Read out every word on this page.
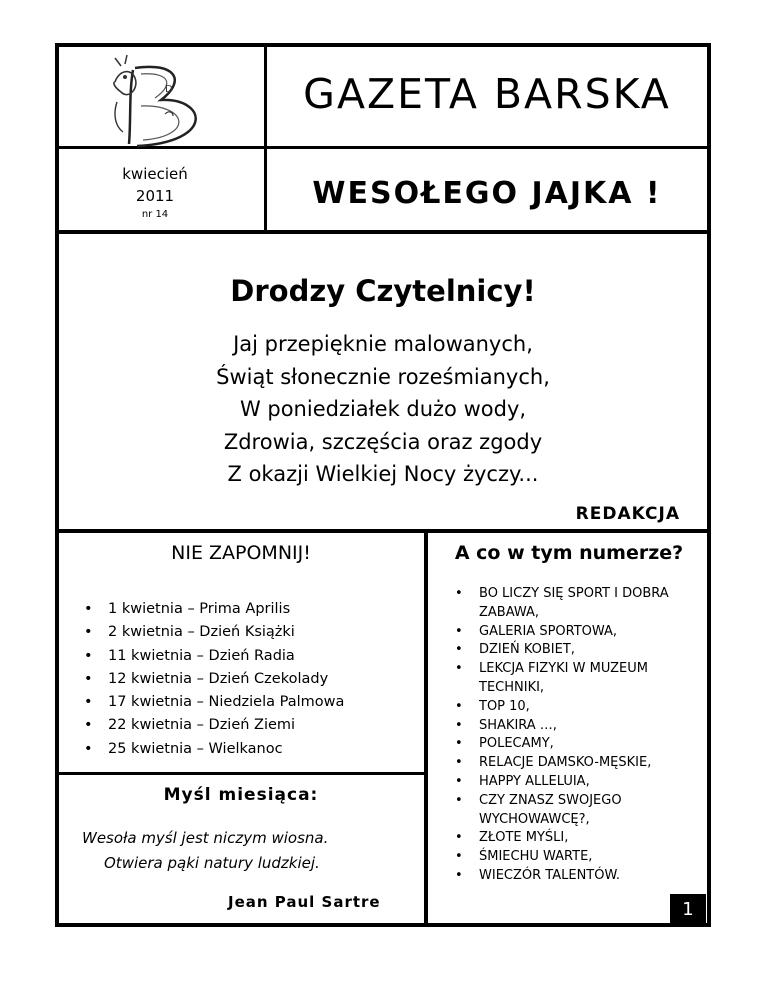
D	GAZETA BARSKA
kwiecień
2011
nr 14
WESOŁEGO JAJKA !
Drodzy Czytelnicy!
Jaj przepięknie malowanych,
Świąt słonecznie roześmianych,
W poniedziałek dużo wody,
Zdrowia, szczęścia oraz zgody
Z okazji Wielkiej Nocy życzy...
REDAKCJA
NIE ZAPOMNIJ!
• 1 kwietnia – Prima Aprilis
• 2 kwietnia – Dzień Książki
• 11 kwietnia – Dzień Radia
• 12 kwietnia – Dzień Czekolady
• 17 kwietnia – Niedziela Palmowa
• 22 kwietnia – Dzień Ziemi
• 25 kwietnia – Wielkanoc
Myśl miesiąca:
Wesoła myśl jest niczym wiosna.
Otwiera pąki natury ludzkiej.
Jean Paul Sartre
A co w tym numerze?
• BO LICZY SIĘ SPORT I DOBRA ZABAWA,
• GALERIA SPORTOWA,
• DZIEŃ KOBIET,
• LEKCJA FIZYKI W MUZEUM TECHNIKI,
• TOP 10,
• SHAKIRA …,
• POLECAMY,
• RELACJE DAMSKO-MĘSKIE,
• HAPPY ALLELUIA,
• CZY ZNASZ SWOJEGO WYCHOWAWCĘ?,
• ZŁOTE MYŚLI,
• ŚMIECHU WARTE,
• WIECZÓR TALENTÓW.
1
